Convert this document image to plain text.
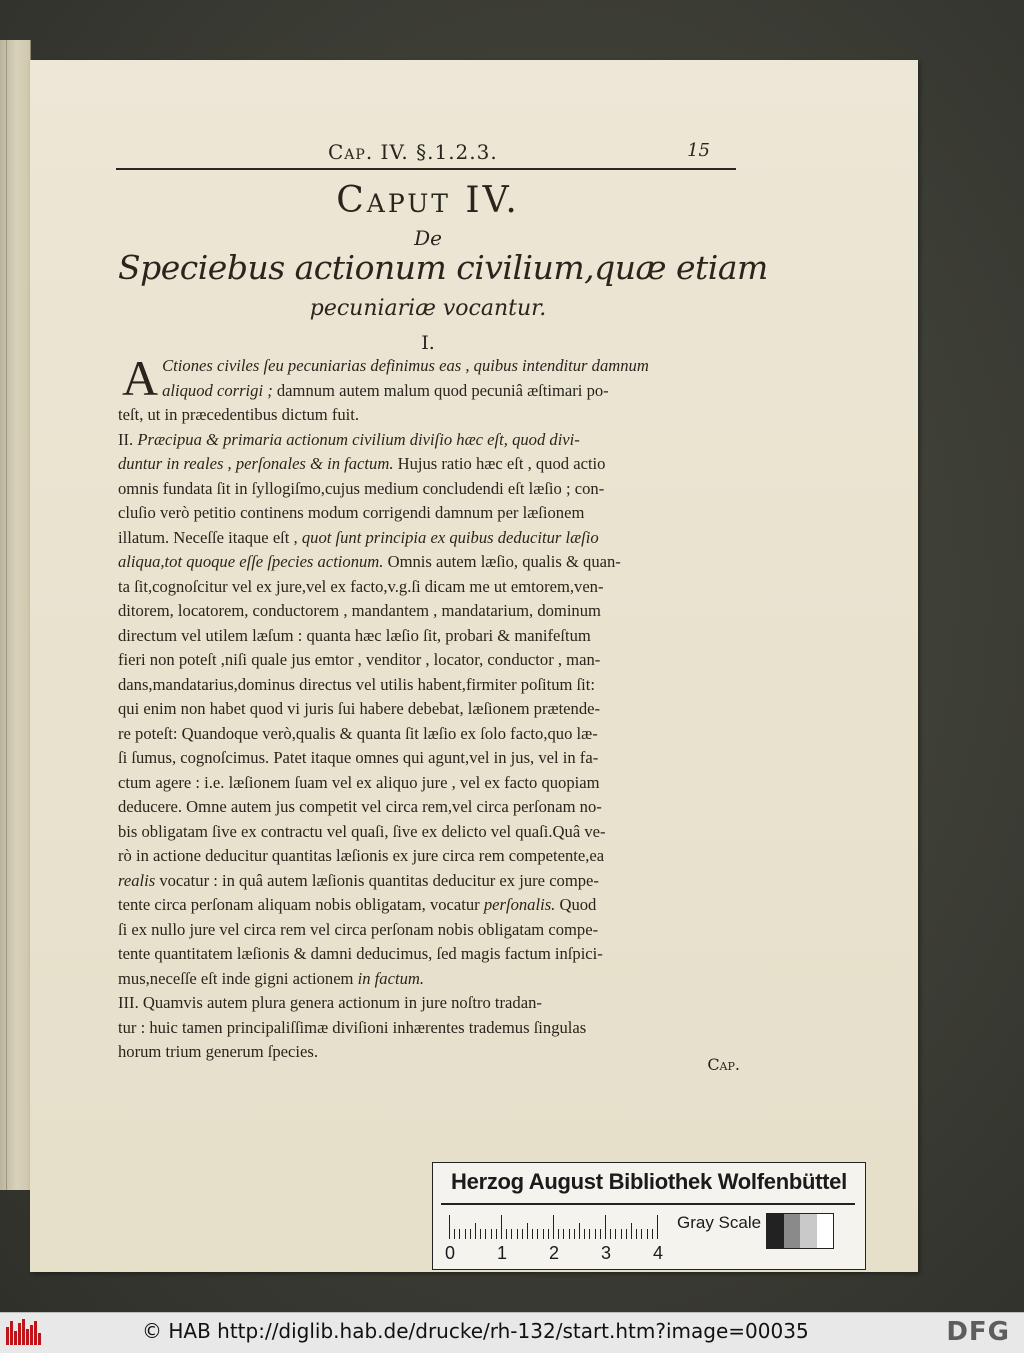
Cap. IV. §.1.2.3.	15
Caput IV.
De
Speciebus actionum civilium,quæ etiam
pecuniariæ vocantur.
I.
A Ctiones civiles ſeu pecuniarias definimus eas , quibus intenditur damnum
aliquod corrigi ; damnum autem malum quod pecuniâ æſtimari po-
teſt, ut in præcedentibus dictum fuit.
II. Præcipua & primaria actionum civilium diviſio hæc eſt, quod divi-
duntur in reales , perſonales & in factum. Hujus ratio hæc eſt , quod actio
omnis fundata ſit in ſyllogiſmo,cujus medium concludendi eſt læſio ; con-
cluſio verò petitio continens modum corrigendi damnum per læſionem
illatum. Neceſſe itaque eſt , quot ſunt principia ex quibus deducitur læſio
aliqua,tot quoque eſſe ſpecies actionum. Omnis autem læſio, qualis & quan-
ta ſit,cognoſcitur vel ex jure,vel ex facto,v.g.ſi dicam me ut emtorem,ven-
ditorem, locatorem, conductorem , mandantem , mandatarium, dominum
directum vel utilem læſum : quanta hæc læſio ſit, probari & manifeſtum
fieri non poteſt ,niſi quale jus emtor , venditor , locator, conductor , man-
dans,mandatarius,dominus directus vel utilis habent,firmiter poſitum ſit:
qui enim non habet quod vi juris ſui habere debebat, læſionem prætende-
re poteſt: Quandoque verò,qualis & quanta ſit læſio ex ſolo facto,quo læ-
ſi ſumus, cognoſcimus. Patet itaque omnes qui agunt,vel in jus, vel in fa-
ctum agere : i.e. læſionem ſuam vel ex aliquo jure , vel ex facto quopiam
deducere. Omne autem jus competit vel circa rem,vel circa perſonam no-
bis obligatam ſive ex contractu vel quaſi, ſive ex delicto vel quaſi.Quâ ve-
rò in actione deducitur quantitas læſionis ex jure circa rem competente,ea
realis vocatur : in quâ autem læſionis quantitas deducitur ex jure compe-
tente circa perſonam aliquam nobis obligatam, vocatur perſonalis. Quod
ſi ex nullo jure vel circa rem vel circa perſonam nobis obligatam compe-
tente quantitatem læſionis & damni deducimus, ſed magis factum inſpici-
mus,neceſſe eſt inde gigni actionem in factum.
III. Quamvis autem plura genera actionum in jure noſtro tradan-
tur : huic tamen principaliſſimæ diviſioni inhærentes trademus ſingulas
horum trium generum ſpecies.
Cap.
Herzog August Bibliothek Wolfenbüttel
0 1 2 3 4
Gray Scale
© HAB http://diglib.hab.de/drucke/rh-132/start.htm?image=00035	DFG
